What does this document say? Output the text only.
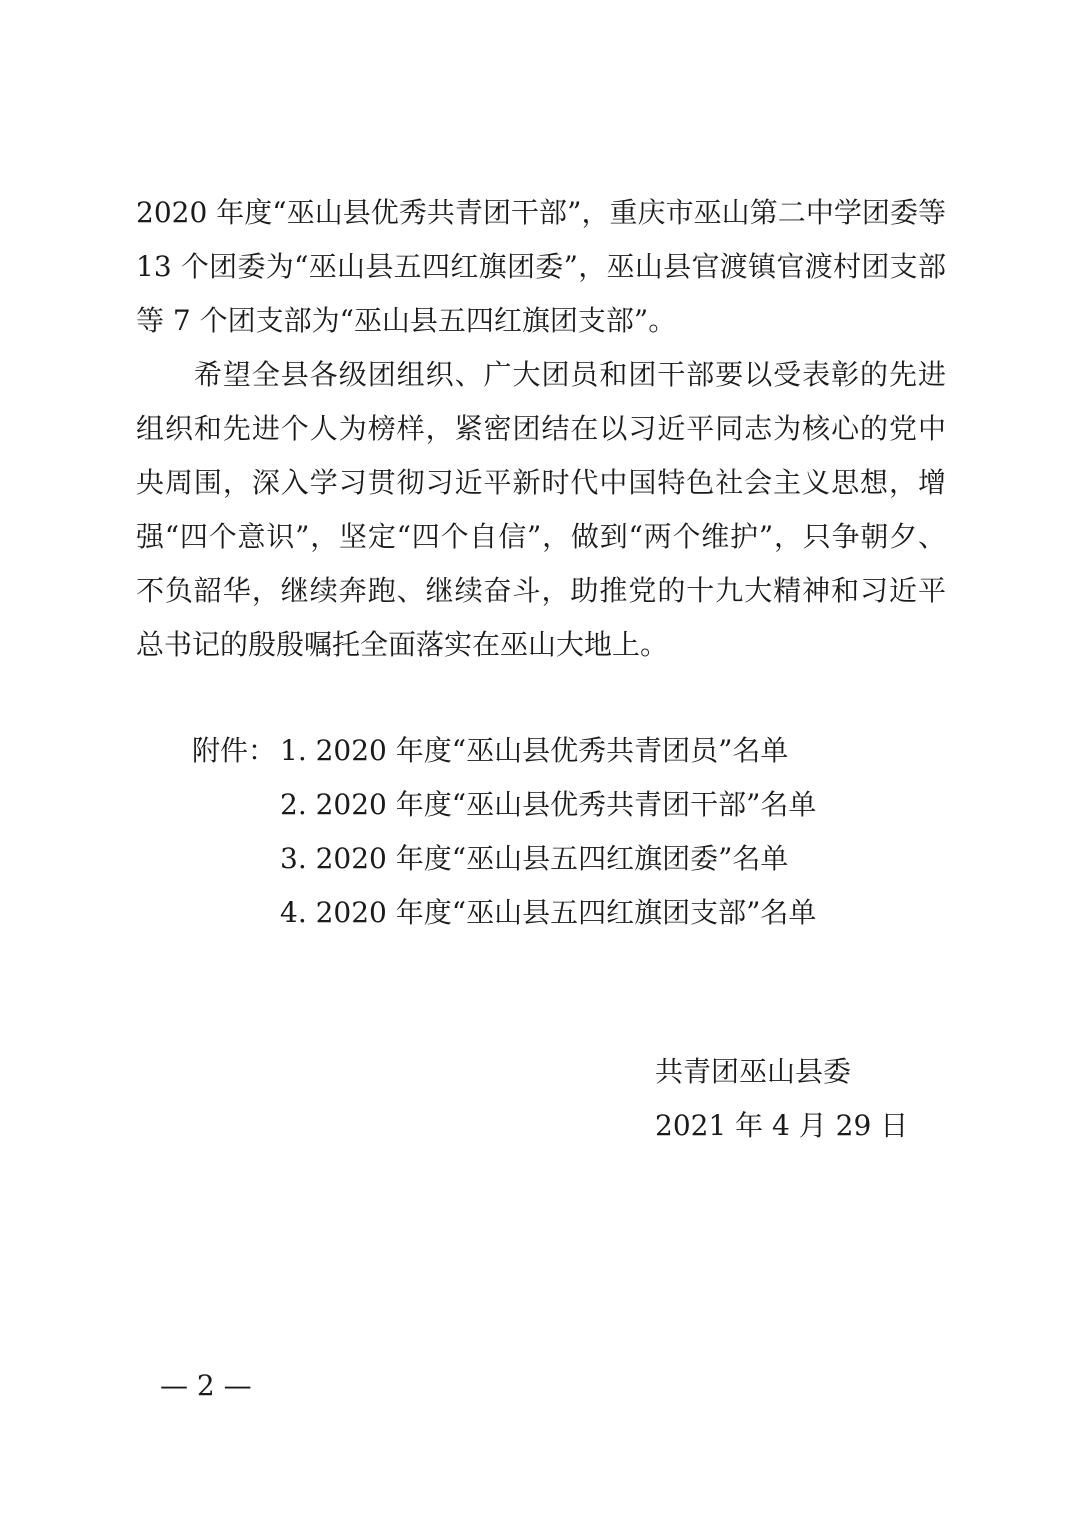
2020 年度“巫山县优秀共青团干部”，重庆市巫山第二中学团委等
13 个团委为“巫山县五四红旗团委”，巫山县官渡镇官渡村团支部
等 7 个团支部为“巫山县五四红旗团支部”。
　　希望全县各级团组织、广大团员和团干部要以受表彰的先进
组织和先进个人为榜样，紧密团结在以习近平同志为核心的党中
央周围，深入学习贯彻习近平新时代中国特色社会主义思想，增
强“四个意识”，坚定“四个自信”，做到“两个维护”，只争朝夕、
不负韶华，继续奔跑、继续奋斗，助推党的十九大精神和习近平
总书记的殷殷嘱托全面落实在巫山大地上。
附件： 1. 2020 年度“巫山县优秀共青团员”名单
2. 2020 年度“巫山县优秀共青团干部”名单
3. 2020 年度“巫山县五四红旗团委”名单
4. 2020 年度“巫山县五四红旗团支部”名单
共青团巫山县委
2021 年 4 月 29 日
— 2 —
